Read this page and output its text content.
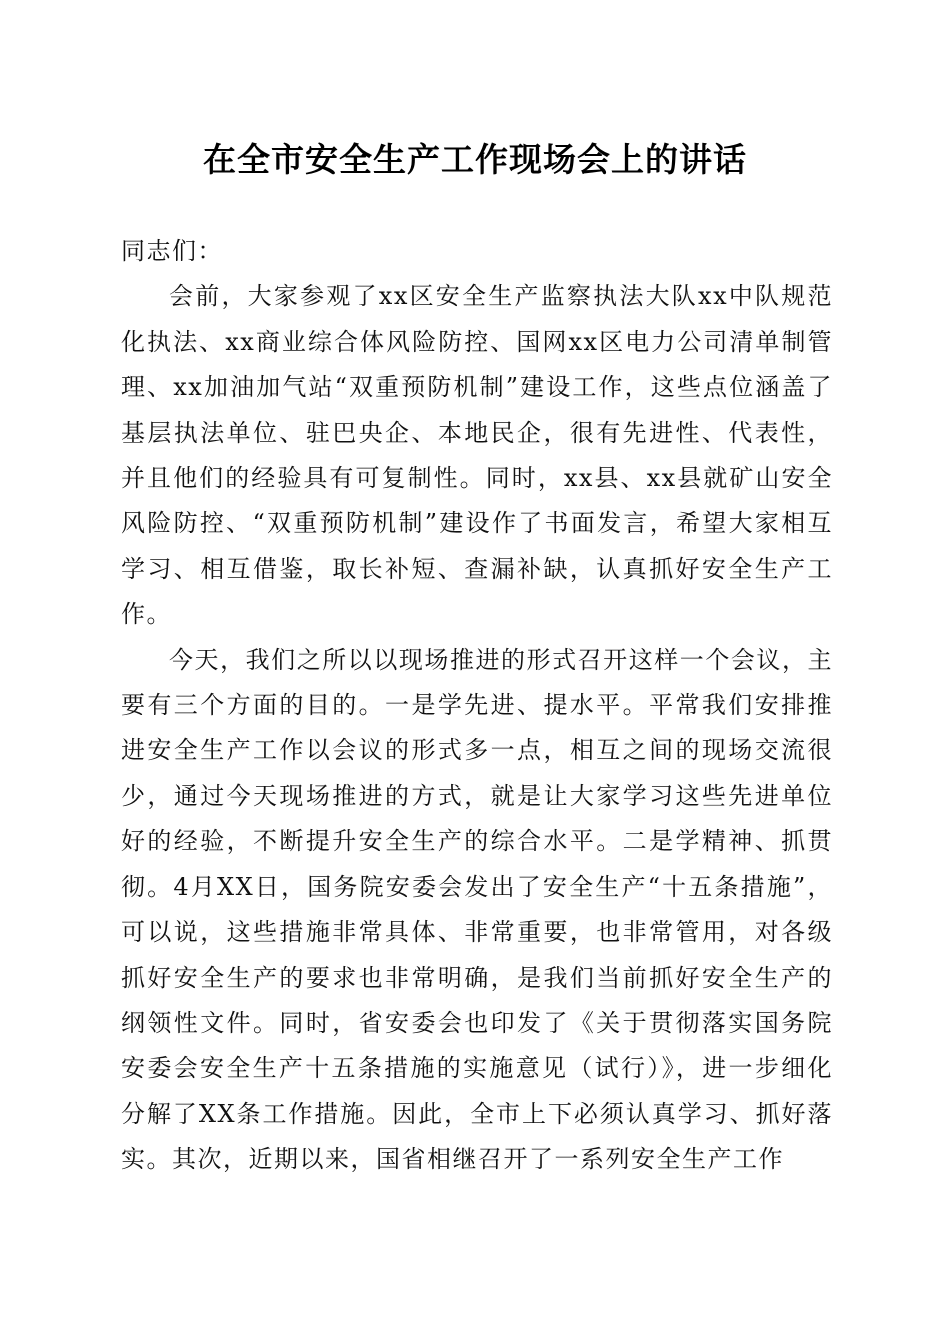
在全市安全生产工作现场会上的讲话

同志们：

会前，大家参观了xx区安全生产监察执法大队xx中队规范化执法、xx商业综合体风险防控、国网xx区电力公司清单制管理、xx加油加气站“双重预防机制”建设工作，这些点位涵盖了基层执法单位、驻巴央企、本地民企，很有先进性、代表性，并且他们的经验具有可复制性。同时，xx县、xx县就矿山安全风险防控、“双重预防机制”建设作了书面发言，希望大家相互学习、相互借鉴，取长补短、查漏补缺，认真抓好安全生产工作。

今天，我们之所以以现场推进的形式召开这样一个会议，主要有三个方面的目的。一是学先进、提水平。平常我们安排推进安全生产工作以会议的形式多一点，相互之间的现场交流很少，通过今天现场推进的方式，就是让大家学习这些先进单位好的经验，不断提升安全生产的综合水平。二是学精神、抓贯彻。4月XX日，国务院安委会发出了安全生产“十五条措施”，可以说，这些措施非常具体、非常重要，也非常管用，对各级抓好安全生产的要求也非常明确，是我们当前抓好安全生产的纲领性文件。同时，省安委会也印发了《关于贯彻落实国务院安委会安全生产十五条措施的实施意见（试行）》，进一步细化分解了XX条工作措施。因此，全市上下必须认真学习、抓好落实。其次，近期以来，国省相继召开了一系列安全生产工作
